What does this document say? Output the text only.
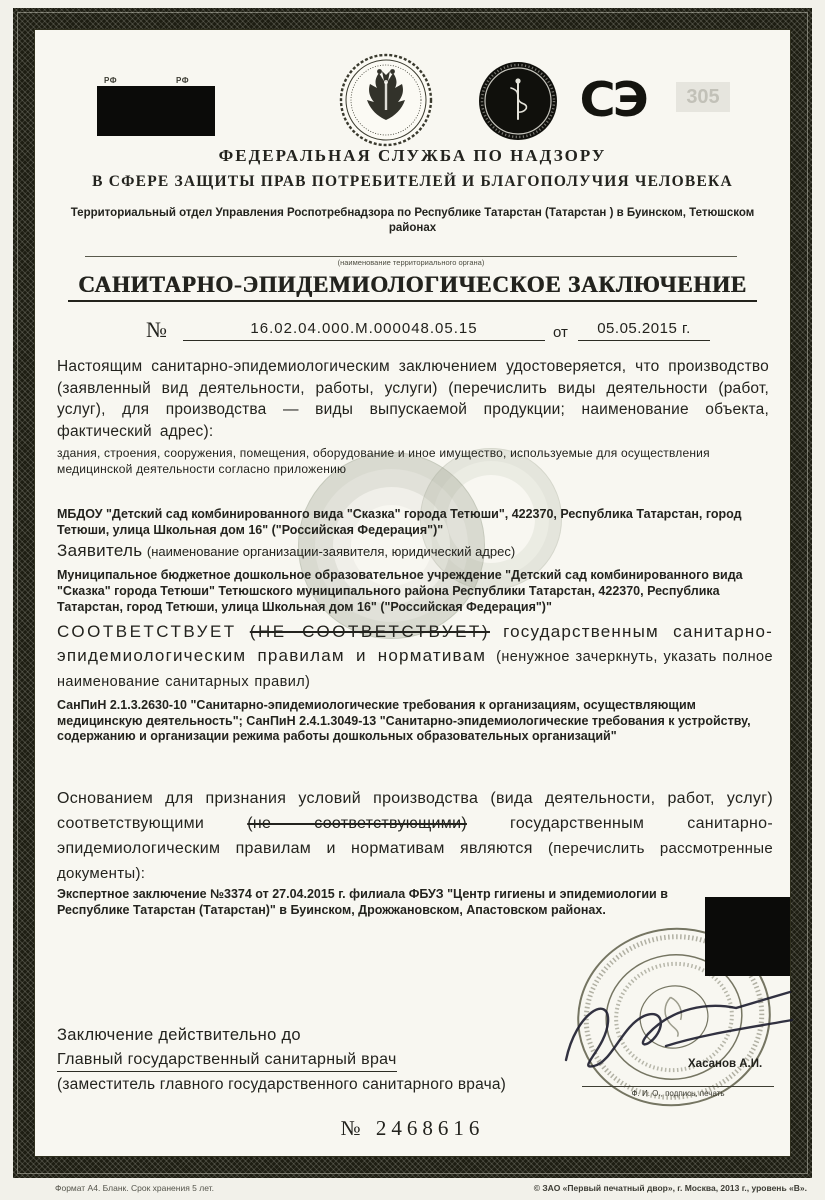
РФ	РФ	СЭ	305
ФЕДЕРАЛЬНАЯ СЛУЖБА ПО НАДЗОРУ
В СФЕРЕ ЗАЩИТЫ ПРАВ ПОТРЕБИТЕЛЕЙ И БЛАГОПОЛУЧИЯ ЧЕЛОВЕКА
Территориальный отдел Управления Роспотребнадзора по Республике Татарстан (Татарстан ) в Буинском, Тетюшском районах
(наименование территориального органа)
САНИТАРНО-ЭПИДЕМИОЛОГИЧЕСКОЕ ЗАКЛЮЧЕНИЕ
№	16.02.04.000.М.000048.05.15	от	05.05.2015 г.
Настоящим санитарно-эпидемиологическим заключением удостоверяется, что производство (заявленный вид деятельности, работы, услуги) (перечислить виды деятельности (работ, услуг), для производства — виды выпускаемой продукции; наименование объекта, фактический адрес):
здания, строения, сооружения, помещения, оборудование и иное имущество, используемые для осуществления медицинской деятельности согласно приложению
МБДОУ "Детский сад комбинированного вида "Сказка" города Тетюши", 422370, Республика Татарстан, город Тетюши, улица Школьная дом 16" ("Российская Федерация")"
Заявитель (наименование организации-заявителя, юридический адрес)
Муниципальное бюджетное дошкольное образовательное учреждение "Детский сад комбинированного вида "Сказка" города Тетюши" Тетюшского муниципального района Республики Татарстан, 422370, Республика Татарстан, город Тетюши, улица Школьная дом 16" ("Российская Федерация")"
СООТВЕТСТВУЕТ (НЕ СООТВЕТСТВУЕТ) государственным санитарно-эпидемиологическим правилам и нормативам (ненужное зачеркнуть, указать полное наименование санитарных правил)
СанПиН 2.1.3.2630-10 "Санитарно-эпидемиологические требования к организациям, осуществляющим медицинскую деятельность"; СанПиН 2.4.1.3049-13 "Санитарно-эпидемиологические требования к устройству, содержанию и организации режима работы дошкольных образовательных организаций"
Основанием для признания условий производства (вида деятельности, работ, услуг) соответствующими	(не соответствующими)	государственным санитарно-эпидемиологическим правилам и нормативам являются (перечислить рассмотренные документы):
Экспертное заключение №3374 от 27.04.2015 г. филиала ФБУЗ "Центр гигиены и эпидемиологии в Республике Татарстан (Татарстан)" в Буинском, Дрожжановском, Апастовском районах.
Хасанов А.И.
Ф. И. О., подпись, печать
Заключение действительно до
Главный государственный санитарный врач
(заместитель главного государственного санитарного врача)
№ 2468616
Формат А4. Бланк. Срок хранения 5 лет.	© ЗАО «Первый печатный двор», г. Москва, 2013 г., уровень «В».
